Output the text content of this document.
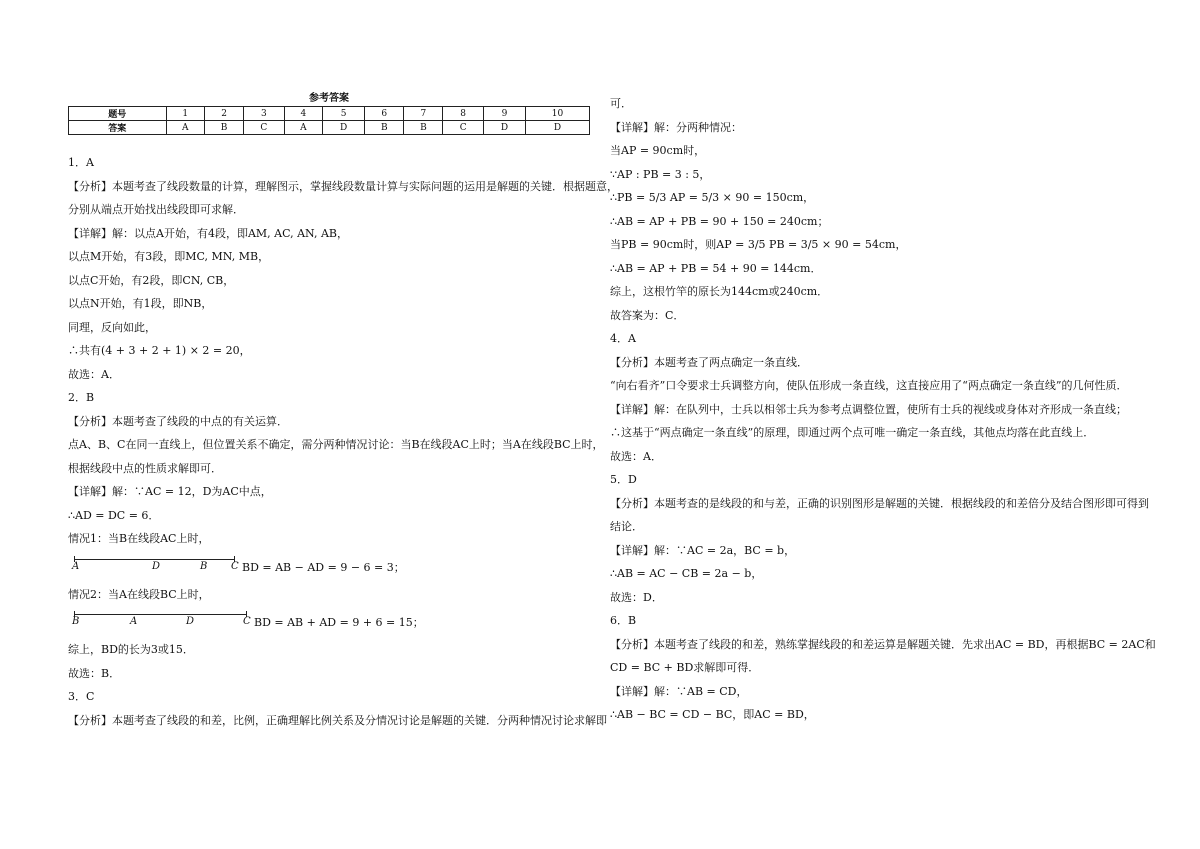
参考答案
题号	1	2	3	4	5	6	7	8	9	10
答案	A	B	C	A	D	B	B	C	D	D
1．A
【分析】本题考查了线段数量的计算，理解图示，掌握线段数量计算与实际问题的运用是解题的关键．根据题意，
分别从端点开始找出线段即可求解．
【详解】解：以点A开始，有4段，即AM, AC, AN, AB，
以点M开始，有3段，即MC, MN, MB，
以点C开始，有2段，即CN, CB，
以点N开始，有1段，即NB，
同理，反向如此，
∴共有(4 + 3 + 2 + 1) × 2 = 20，
故选：A．
2．B
【分析】本题考查了线段的中点的有关运算．
点A、B、C在同一直线上，但位置关系不确定，需分两种情况讨论：当B在线段AC上时；当A在线段BC上时，
根据线段中点的性质求解即可．
【详解】解：∵AC = 12，D为AC中点，
∴AD = DC = 6．
情况1：当B在线段AC上时，
A	D	B C BD = AB − AD = 9 − 6 = 3；
情况2：当A在线段BC上时，
B	A	D	C BD = AB + AD = 9 + 6 = 15；
综上，BD的长为3或15．
故选：B．
3．C
【分析】本题考查了线段的和差，比例，正确理解比例关系及分情况讨论是解题的关键．分两种情况讨论求解即
可．
【详解】解：分两种情况：
当AP = 90cm时，
∵AP : PB = 3 : 5，
∴PB = 5/3 AP = 5/3 × 90 = 150cm，
∴AB = AP + PB = 90 + 150 = 240cm；
当PB = 90cm时，则AP = 3/5 PB = 3/5 × 90 = 54cm，
∴AB = AP + PB = 54 + 90 = 144cm．
综上，这根竹竿的原长为144cm或240cm．
故答案为：C．
4．A
【分析】本题考查了两点确定一条直线．
“向右看齐”口令要求士兵调整方向，使队伍形成一条直线，这直接应用了“两点确定一条直线”的几何性质．
【详解】解：在队列中，士兵以相邻士兵为参考点调整位置，使所有士兵的视线或身体对齐形成一条直线；
∴这基于“两点确定一条直线”的原理，即通过两个点可唯一确定一条直线，其他点均落在此直线上．
故选：A．
5．D
【分析】本题考查的是线段的和与差，正确的识别图形是解题的关键．根据线段的和差倍分及结合图形即可得到
结论．
【详解】解：∵AC = 2a，BC = b，
∴AB = AC − CB = 2a − b，
故选：D．
6．B
【分析】本题考查了线段的和差，熟练掌握线段的和差运算是解题关键．先求出AC = BD，再根据BC = 2AC和
CD = BC + BD求解即可得．
【详解】解：∵AB = CD，
∴AB − BC = CD − BC，即AC = BD，
